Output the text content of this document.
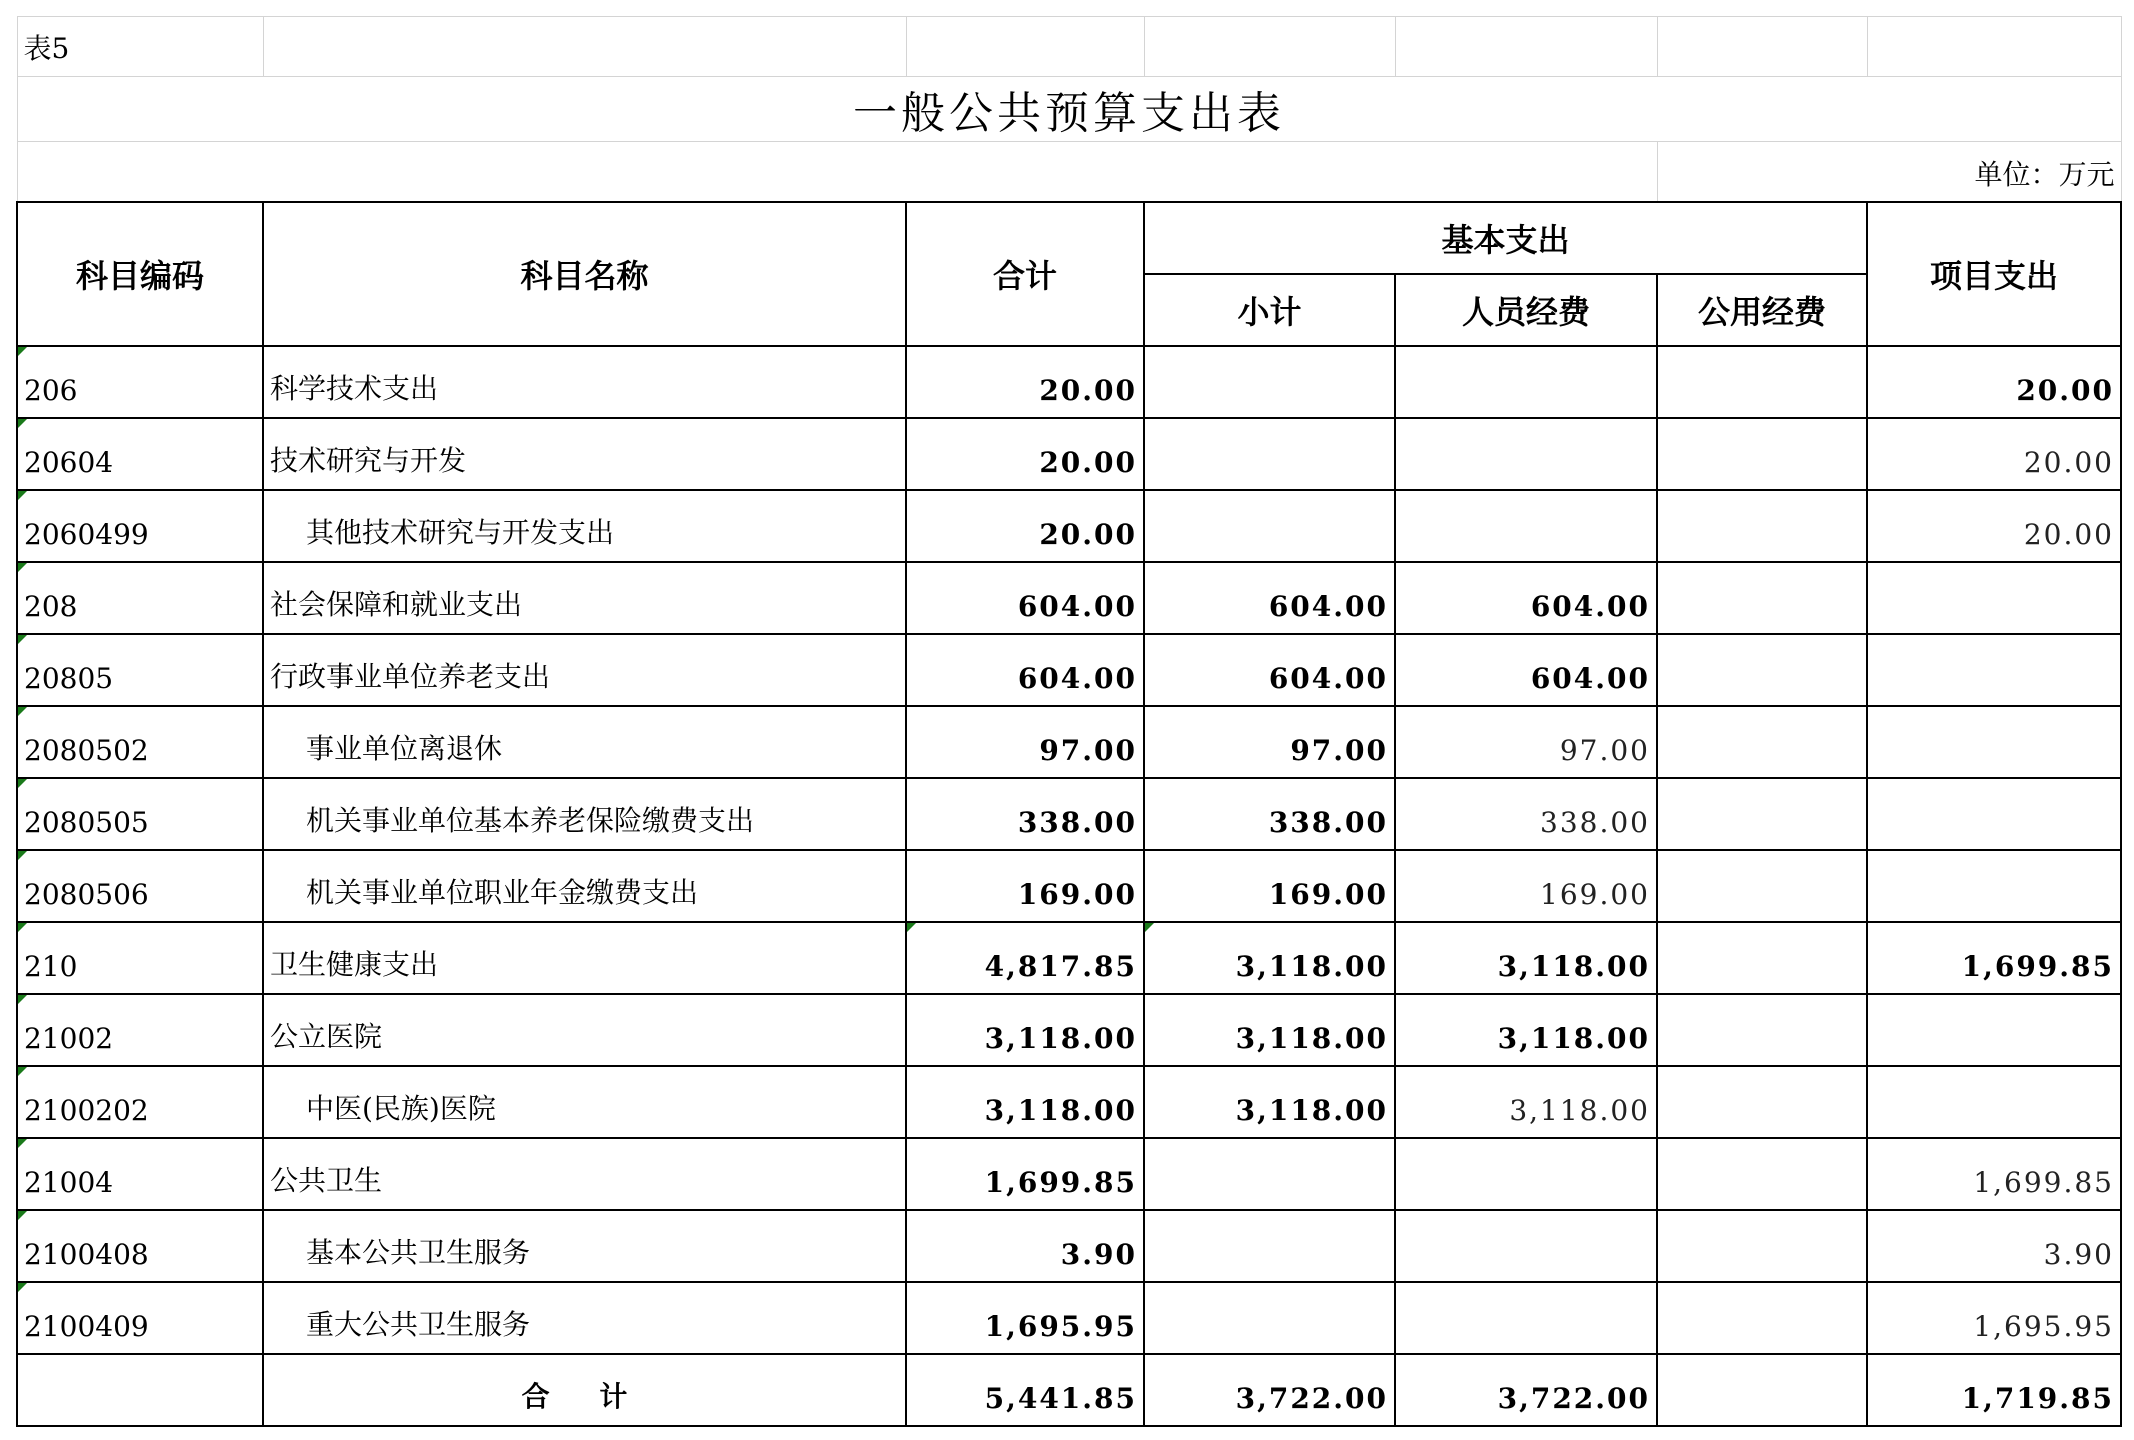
表5						
一般公共预算支出表						
					单位：万元	
科目编码	科目名称	合计	基本支出			项目支出
			小计	人员经费	公用经费	
206	科学技术支出	20.00				20.00
20604	技术研究与开发	20.00				20.00
2060499	其他技术研究与开发支出	20.00				20.00
208	社会保障和就业支出	604.00	604.00	604.00		
20805	行政事业单位养老支出	604.00	604.00	604.00		
2080502	事业单位离退休	97.00	97.00	97.00		
2080505	机关事业单位基本养老保险缴费支出	338.00	338.00	338.00		
2080506	机关事业单位职业年金缴费支出	169.00	169.00	169.00		
210	卫生健康支出	4,817.85	3,118.00	3,118.00		1,699.85
21002	公立医院	3,118.00	3,118.00	3,118.00		
2100202	中医(民族)医院	3,118.00	3,118.00	3,118.00		
21004	公共卫生	1,699.85				1,699.85
2100408	基本公共卫生服务	3.90				3.90
2100409	重大公共卫生服务	1,695.95				1,695.95
	合 计	5,441.85	3,722.00	3,722.00		1,719.85
